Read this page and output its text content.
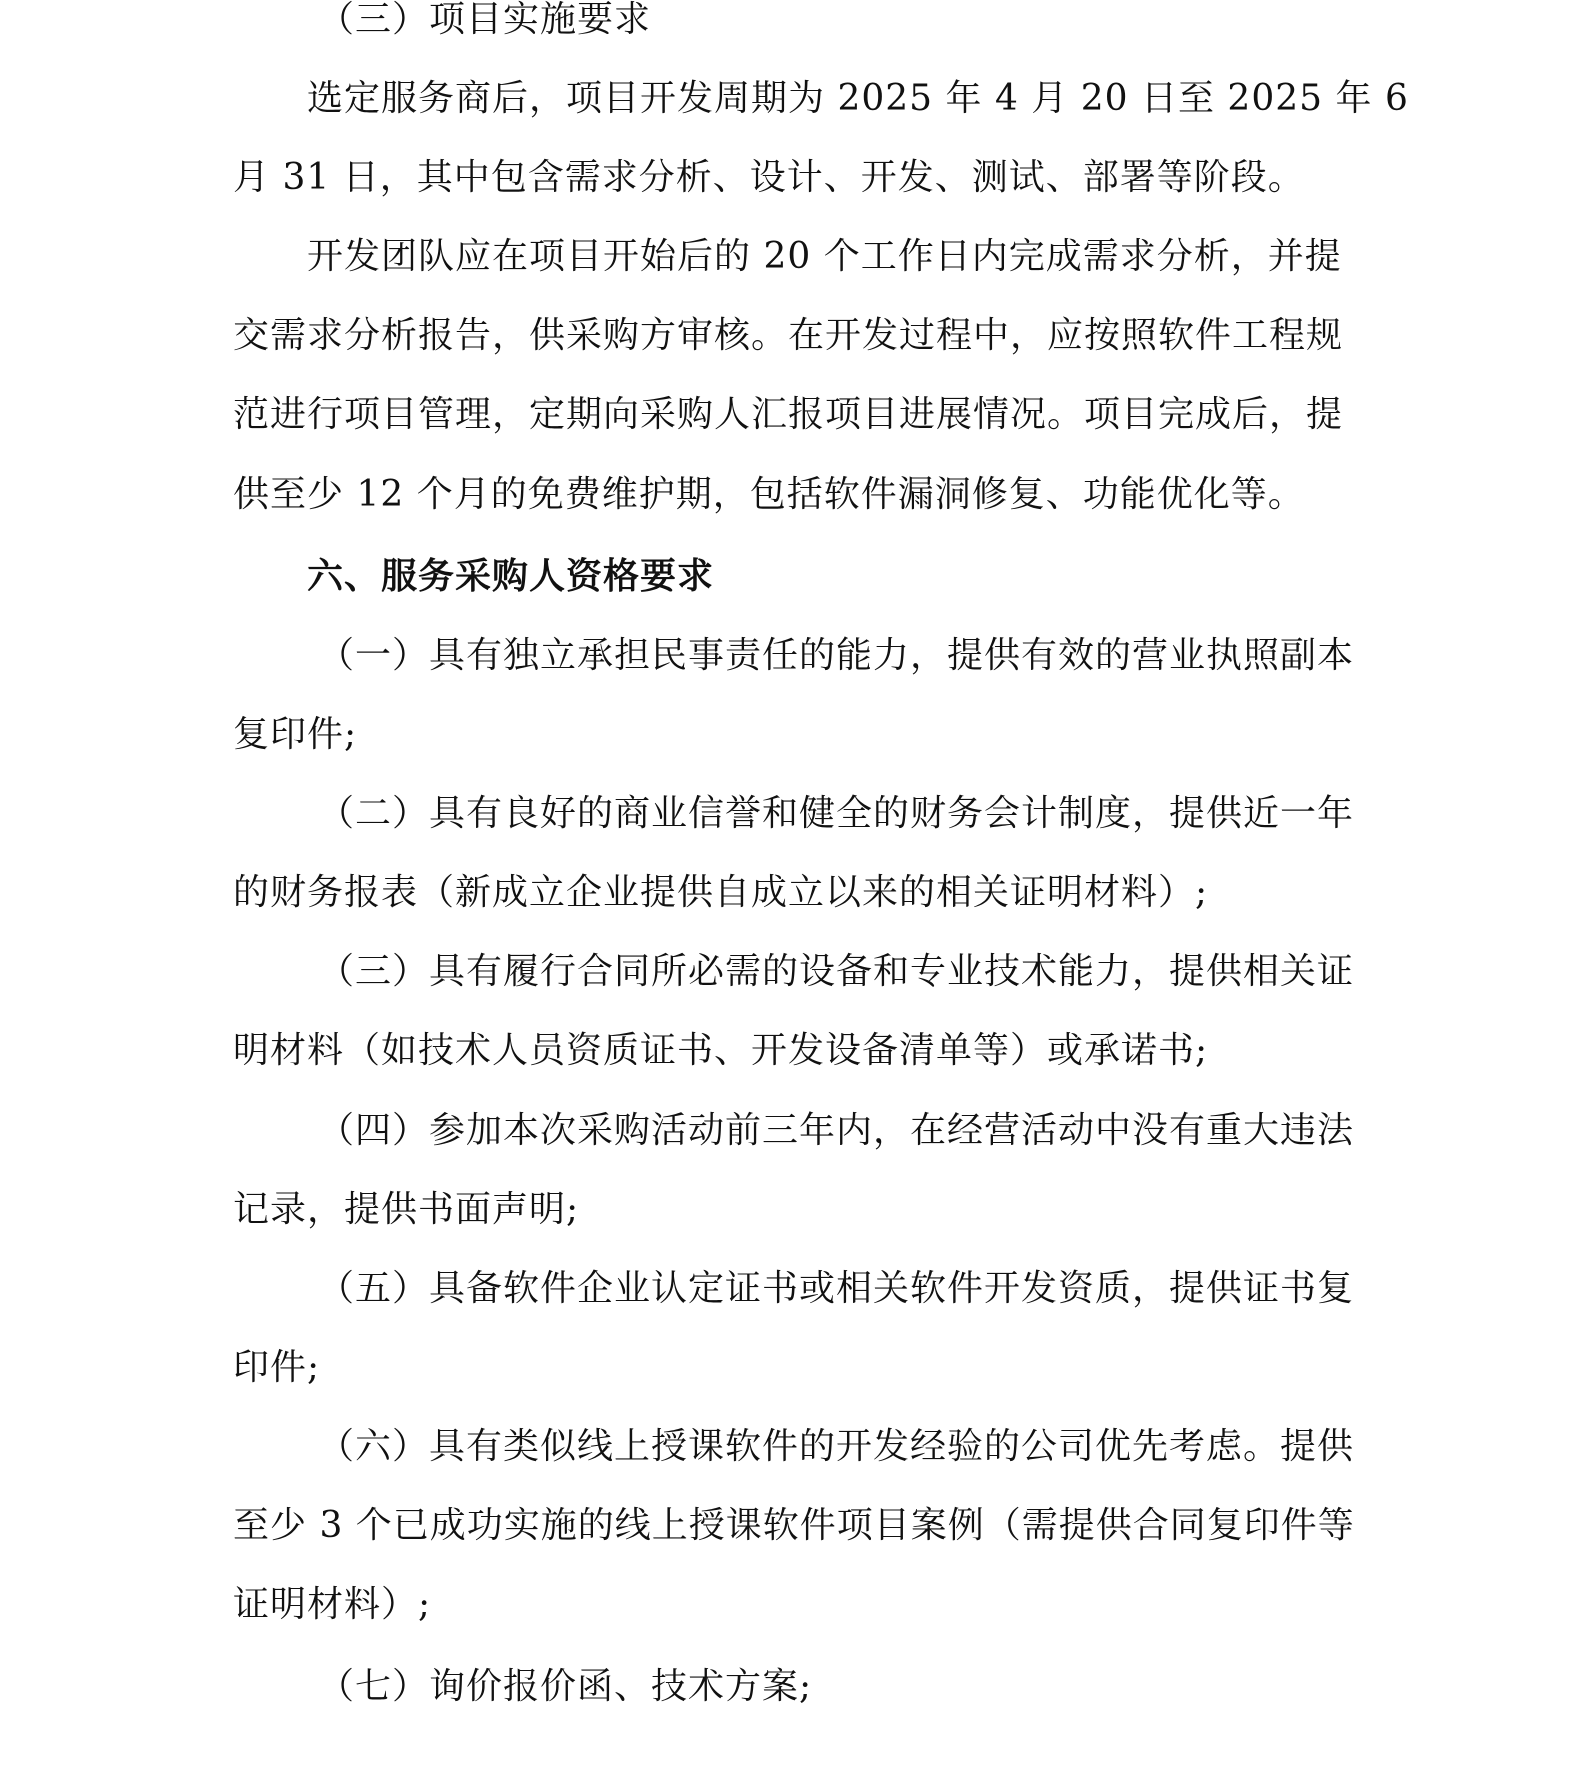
（三）项目实施要求
选定服务商后，项目开发周期为 2025 年 4 月 20 日至 2025 年 6
月 31 日，其中包含需求分析、设计、开发、测试、部署等阶段。
开发团队应在项目开始后的 20 个工作日内完成需求分析，并提
交需求分析报告，供采购方审核。在开发过程中，应按照软件工程规
范进行项目管理，定期向采购人汇报项目进展情况。项目完成后，提
供至少 12 个月的免费维护期，包括软件漏洞修复、功能优化等。
六、服务采购人资格要求
（一）具有独立承担民事责任的能力，提供有效的营业执照副本
复印件;
（二）具有良好的商业信誉和健全的财务会计制度，提供近一年
的财务报表（新成立企业提供自成立以来的相关证明材料）;
（三）具有履行合同所必需的设备和专业技术能力，提供相关证
明材料（如技术人员资质证书、开发设备清单等）或承诺书;
（四）参加本次采购活动前三年内，在经营活动中没有重大违法
记录，提供书面声明;
（五）具备软件企业认定证书或相关软件开发资质，提供证书复
印件;
（六）具有类似线上授课软件的开发经验的公司优先考虑。提供
至少 3 个已成功实施的线上授课软件项目案例（需提供合同复印件等
证明材料）;
（七）询价报价函、技术方案;
